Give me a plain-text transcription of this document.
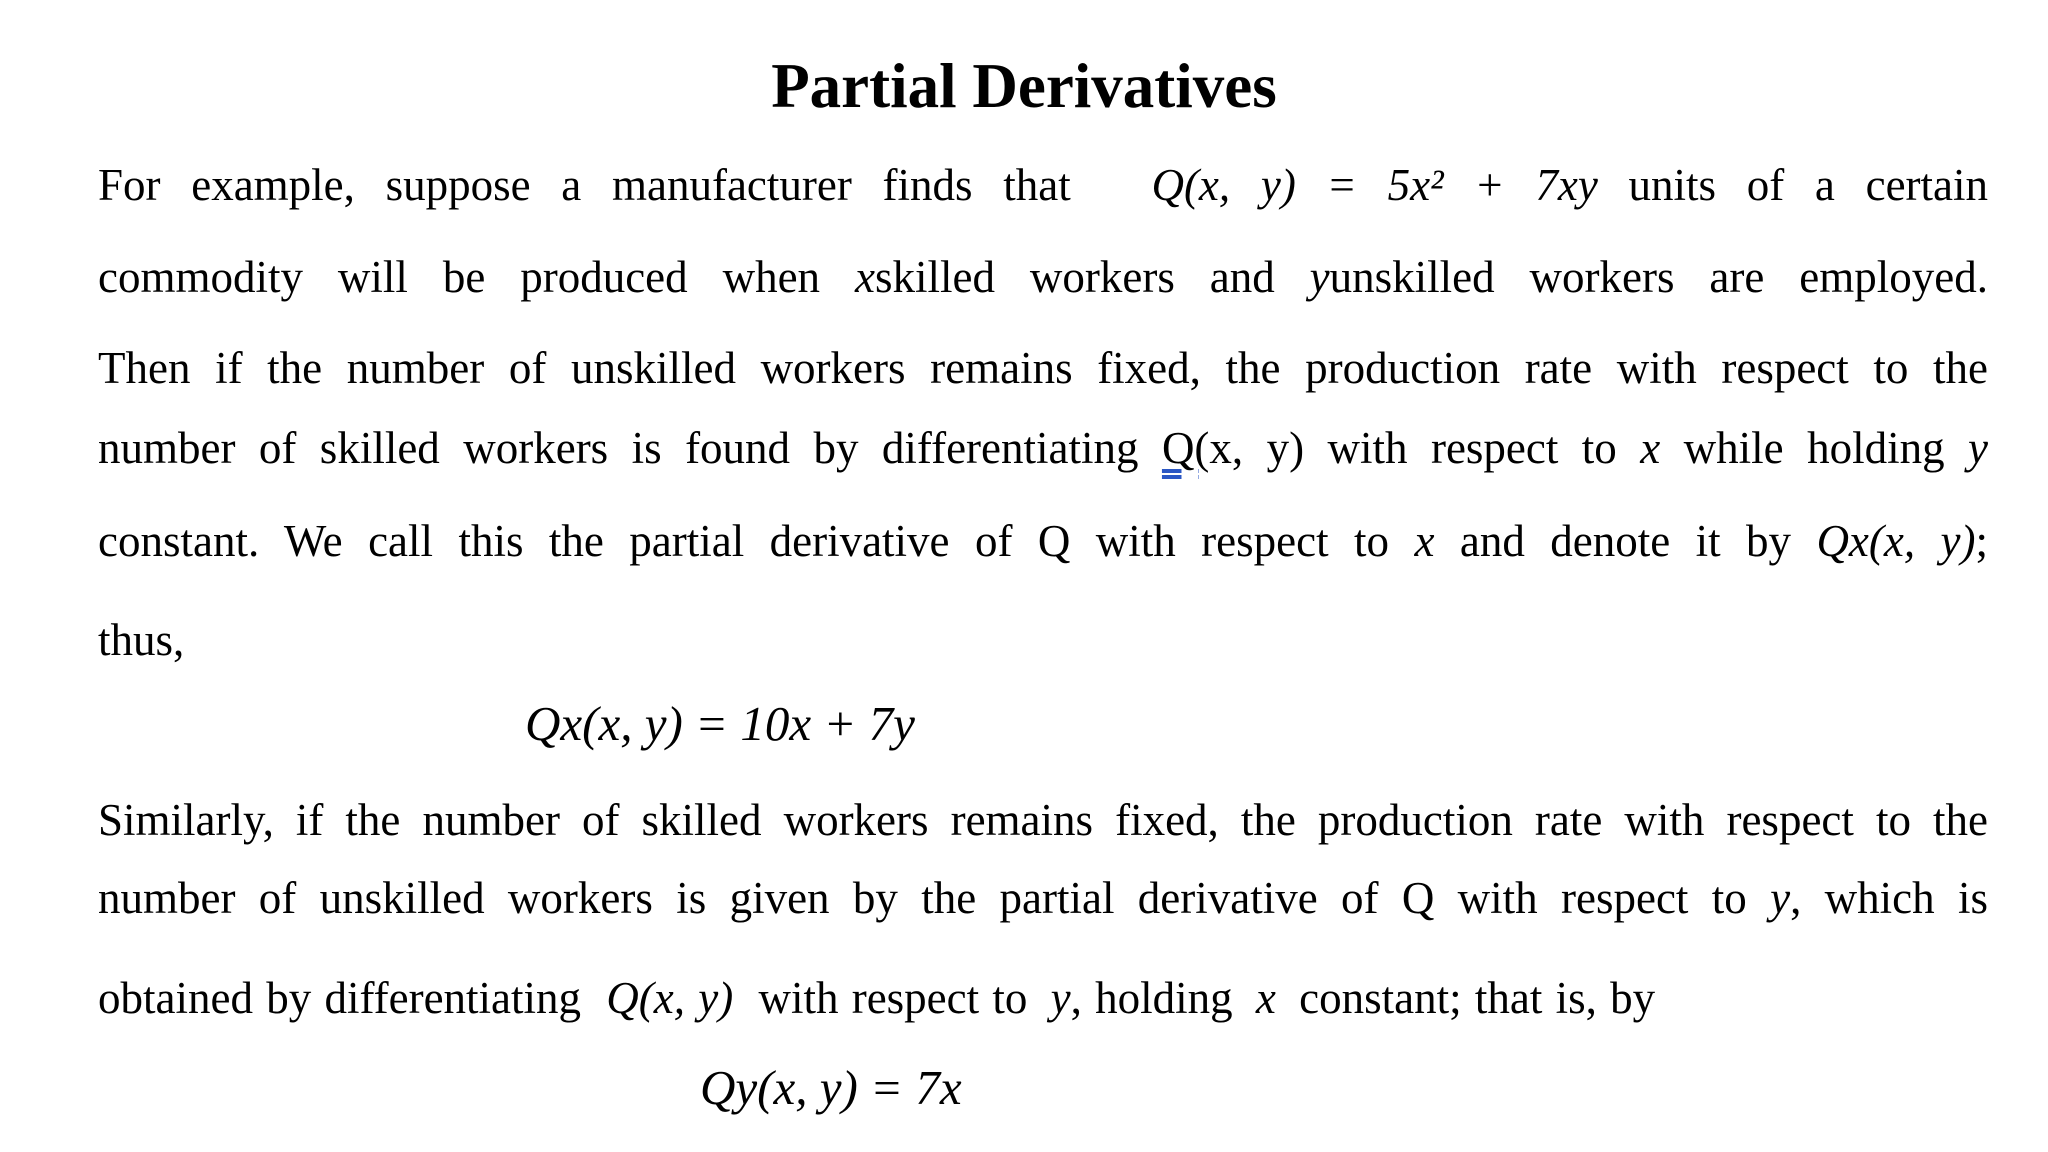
Partial Derivatives
For example, suppose a manufacturer finds that Q(x, y) = 5x² + 7xy units of a certain
commodity will be produced when xskilled workers and yunskilled workers are employed.
Then if the number of unskilled workers remains fixed, the production rate with respect to the
number of skilled workers is found by differentiating Q(x, y) with respect to x while holding y
constant. We call this the partial derivative of Q with respect to x and denote it by Qx(x, y);
thus,
Qx(x, y) = 10x + 7y
Similarly, if the number of skilled workers remains fixed, the production rate with respect to the
number of unskilled workers is given by the partial derivative of Q with respect to y, which is
obtained by differentiating Q(x, y) with respect to y, holding x constant; that is, by
Qy(x, y) = 7x
